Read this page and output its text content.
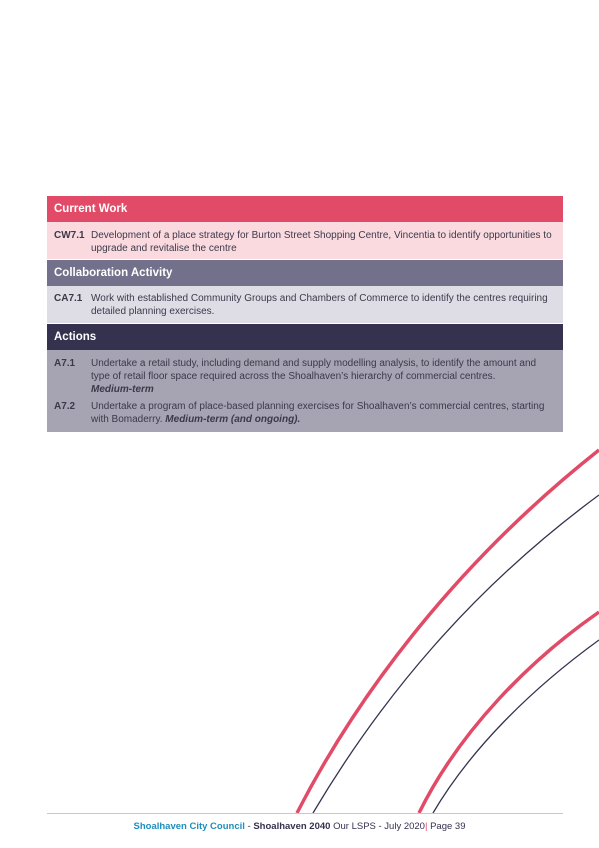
Current Work
CW7.1 Development of a place strategy for Burton Street Shopping Centre, Vincentia to identify opportunities to upgrade and revitalise the centre
Collaboration Activity
CA7.1 Work with established Community Groups and Chambers of Commerce to identify the centres requiring detailed planning exercises.
Actions
A7.1	Undertake a retail study, including demand and supply modelling analysis, to identify the amount and type of retail floor space required across the Shoalhaven’s hierarchy of commercial centres.
Medium-term
A7.2	Undertake a program of place-based planning exercises for Shoalhaven’s commercial centres, starting with Bomaderry. Medium-term (and ongoing).
Shoalhaven City Council - Shoalhaven 2040 Our LSPS - July 2020| Page 39
